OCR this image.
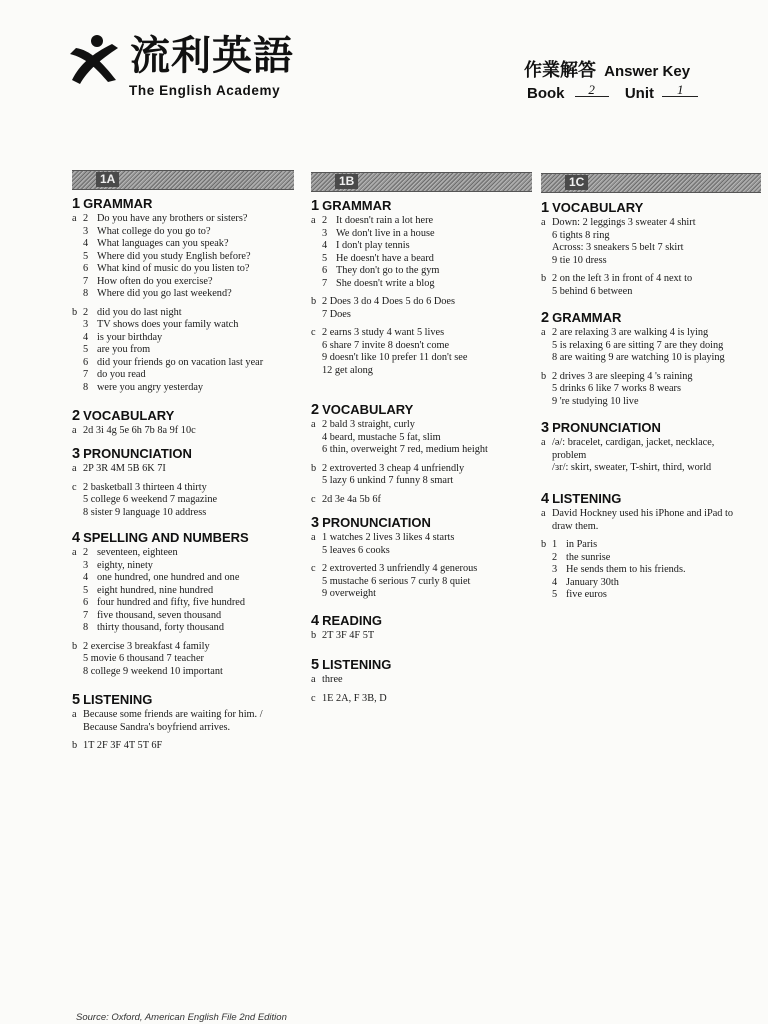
流利英語
The English Academy
作業解答 Answer Key
Book 2 Unit 1
1A
1 GRAMMAR
a 2 Do you have any brothers or sisters?
3 What college do you go to?
4 What languages can you speak?
5 Where did you study English before?
6 What kind of music do you listen to?
7 How often do you exercise?
8 Where did you go last weekend?
b 2 did you do last night
3 TV shows does your family watch
4 is your birthday
5 are you from
6 did your friends go on vacation last year
7 do you read
8 were you angry yesterday
2 VOCABULARY
a 2d 3i 4g 5e 6h 7b 8a 9f 10c
3 PRONUNCIATION
a 2P 3R 4M 5B 6K 7I
c 2 basketball 3 thirteen 4 thirty
5 college 6 weekend 7 magazine
8 sister 9 language 10 address
4 SPELLING AND NUMBERS
a 2 seventeen, eighteen
3 eighty, ninety
4 one hundred, one hundred and one
5 eight hundred, nine hundred
6 four hundred and fifty, five hundred
7 five thousand, seven thousand
8 thirty thousand, forty thousand
b 2 exercise 3 breakfast 4 family
5 movie 6 thousand 7 teacher
8 college 9 weekend 10 important
5 LISTENING
a Because some friends are waiting for him. /
Because Sandra's boyfriend arrives.
b 1T 2F 3F 4T 5T 6F
1B
1 GRAMMAR
a 2 It doesn't rain a lot here
3 We don't live in a house
4 I don't play tennis
5 He doesn't have a beard
6 They don't go to the gym
7 She doesn't write a blog
b 2 Does 3 do 4 Does 5 do 6 Does
7 Does
c 2 earns 3 study 4 want 5 lives
6 share 7 invite 8 doesn't come
9 doesn't like 10 prefer 11 don't see
12 get along
2 VOCABULARY
a 2 bald 3 straight, curly
4 beard, mustache 5 fat, slim
6 thin, overweight 7 red, medium height
b 2 extroverted 3 cheap 4 unfriendly
5 lazy 6 unkind 7 funny 8 smart
c 2d 3e 4a 5b 6f
3 PRONUNCIATION
a 1 watches 2 lives 3 likes 4 starts
5 leaves 6 cooks
c 2 extroverted 3 unfriendly 4 generous
5 mustache 6 serious 7 curly 8 quiet
9 overweight
4 READING
b 2T 3F 4F 5T
5 LISTENING
a three
c 1E 2A, F 3B, D
1C
1 VOCABULARY
a Down: 2 leggings 3 sweater 4 shirt
6 tights 8 ring
Across: 3 sneakers 5 belt 7 skirt
9 tie 10 dress
b 2 on the left 3 in front of 4 next to
5 behind 6 between
2 GRAMMAR
a 2 are relaxing 3 are walking 4 is lying
5 is relaxing 6 are sitting 7 are they doing
8 are waiting 9 are watching 10 is playing
b 2 drives 3 are sleeping 4 's raining
5 drinks 6 like 7 works 8 wears
9 're studying 10 live
3 PRONUNCIATION
a /ə/: bracelet, cardigan, jacket, necklace,
problem
/ɜr/: skirt, sweater, T-shirt, third, world
4 LISTENING
a David Hockney used his iPhone and iPad to
draw them.
b 1 in Paris
2 the sunrise
3 He sends them to his friends.
4 January 30th
5 five euros
Source: Oxford, American English File 2nd Edition
